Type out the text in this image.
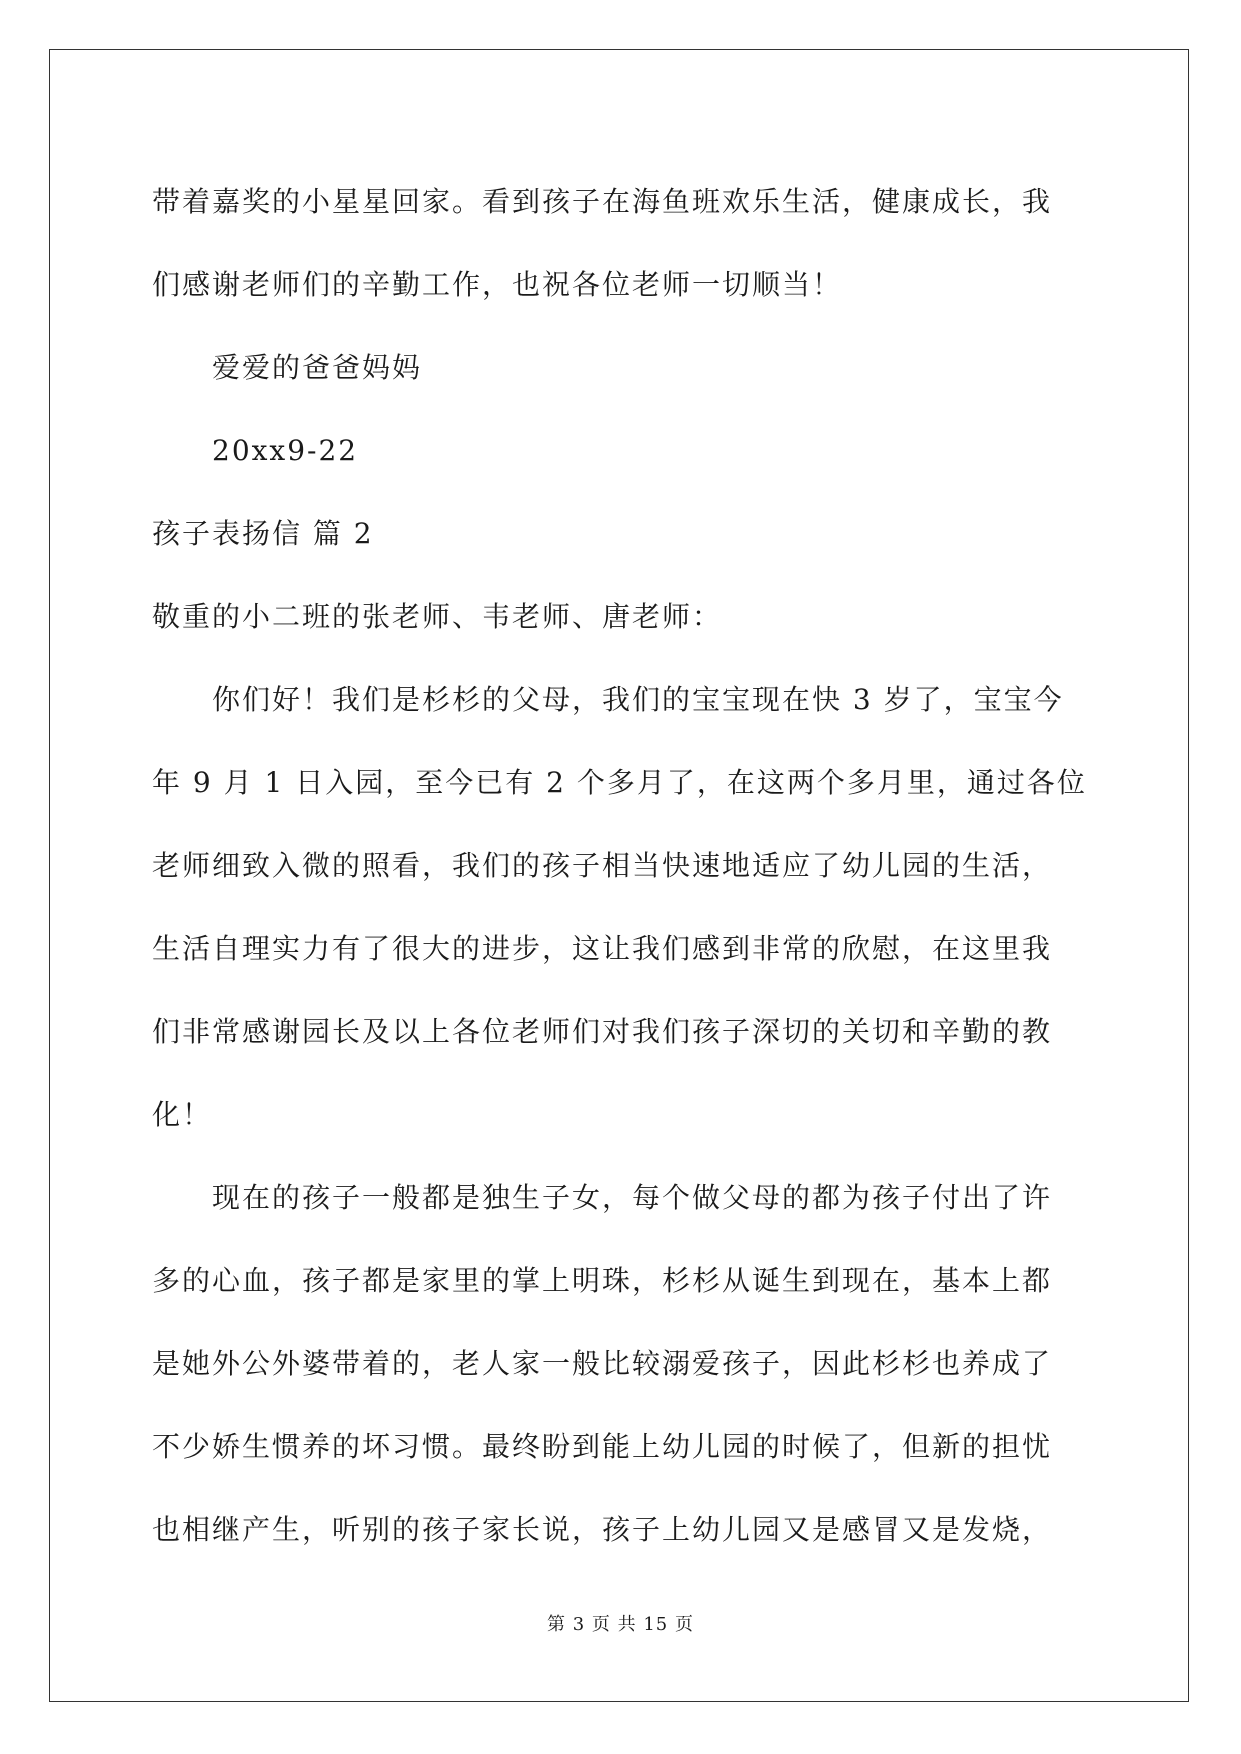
带着嘉奖的小星星回家。看到孩子在海鱼班欢乐生活，健康成长，我
们感谢老师们的辛勤工作，也祝各位老师一切顺当！
爱爱的爸爸妈妈
20xx9-22
孩子表扬信 篇 2
敬重的小二班的张老师、韦老师、唐老师：
你们好！我们是杉杉的父母，我们的宝宝现在快 3 岁了，宝宝今
年 9 月 1 日入园，至今已有 2 个多月了，在这两个多月里，通过各位
老师细致入微的照看，我们的孩子相当快速地适应了幼儿园的生活，
生活自理实力有了很大的进步，这让我们感到非常的欣慰，在这里我
们非常感谢园长及以上各位老师们对我们孩子深切的关切和辛勤的教
化！
现在的孩子一般都是独生子女，每个做父母的都为孩子付出了许
多的心血，孩子都是家里的掌上明珠，杉杉从诞生到现在，基本上都
是她外公外婆带着的，老人家一般比较溺爱孩子，因此杉杉也养成了
不少娇生惯养的坏习惯。最终盼到能上幼儿园的时候了，但新的担忧
也相继产生，听别的孩子家长说，孩子上幼儿园又是感冒又是发烧，
第 3 页 共 15 页
